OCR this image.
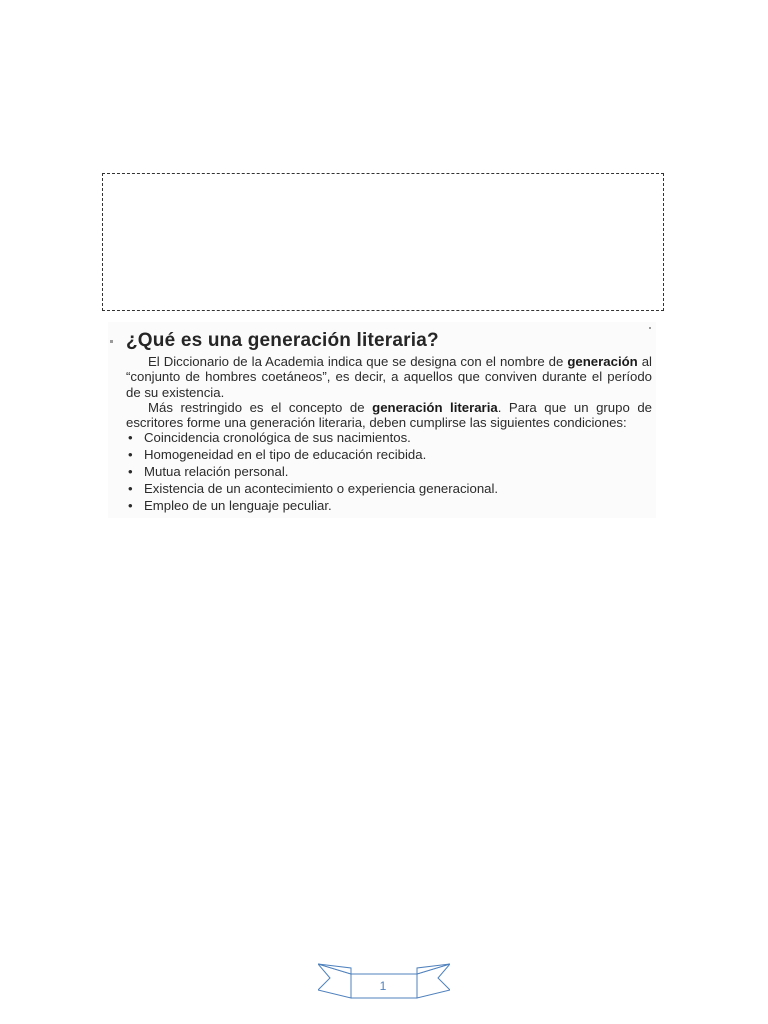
¿Qué es una generación literaria?

El Diccionario de la Academia indica que se designa con el nombre de generación al “conjunto de hombres coetáneos”, es decir, a aquellos que conviven durante el período de su existencia.

Más restringido es el concepto de generación literaria. Para que un grupo de escritores forme una generación literaria, deben cumplirse las siguientes condiciones:

• Coincidencia cronológica de sus nacimientos.
• Homogeneidad en el tipo de educación recibida.
• Mutua relación personal.
• Existencia de un acontecimiento o experiencia generacional.
• Empleo de un lenguaje peculiar.
1
